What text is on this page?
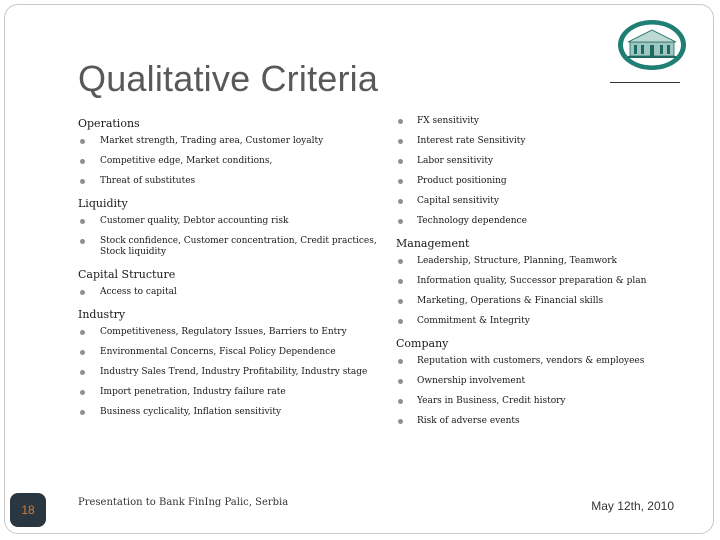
Qualitative Criteria
Operations
Market strength, Trading area, Customer loyalty
Competitive edge, Market conditions,
Threat of substitutes
Liquidity
Customer quality, Debtor accounting risk
Stock confidence, Customer concentration, Credit practices, Stock liquidity
Capital Structure
Access to capital
Industry
Competitiveness, Regulatory Issues, Barriers to Entry
Environmental Concerns, Fiscal Policy Dependence
Industry Sales Trend, Industry Profitability, Industry stage
Import penetration, Industry failure rate
Business cyclicality, Inflation sensitivity
FX sensitivity
Interest rate Sensitivity
Labor sensitivity
Product positioning
Capital sensitivity
Technology dependence
Management
Leadership, Structure, Planning, Teamwork
Information quality, Successor preparation & plan
Marketing, Operations & Financial skills
Commitment & Integrity
Company
Reputation with customers, vendors & employees
Ownership involvement
Years in Business, Credit history
Risk of adverse events
18
Presentation to Bank FinIng Palic, Serbia	May 12th, 2010
